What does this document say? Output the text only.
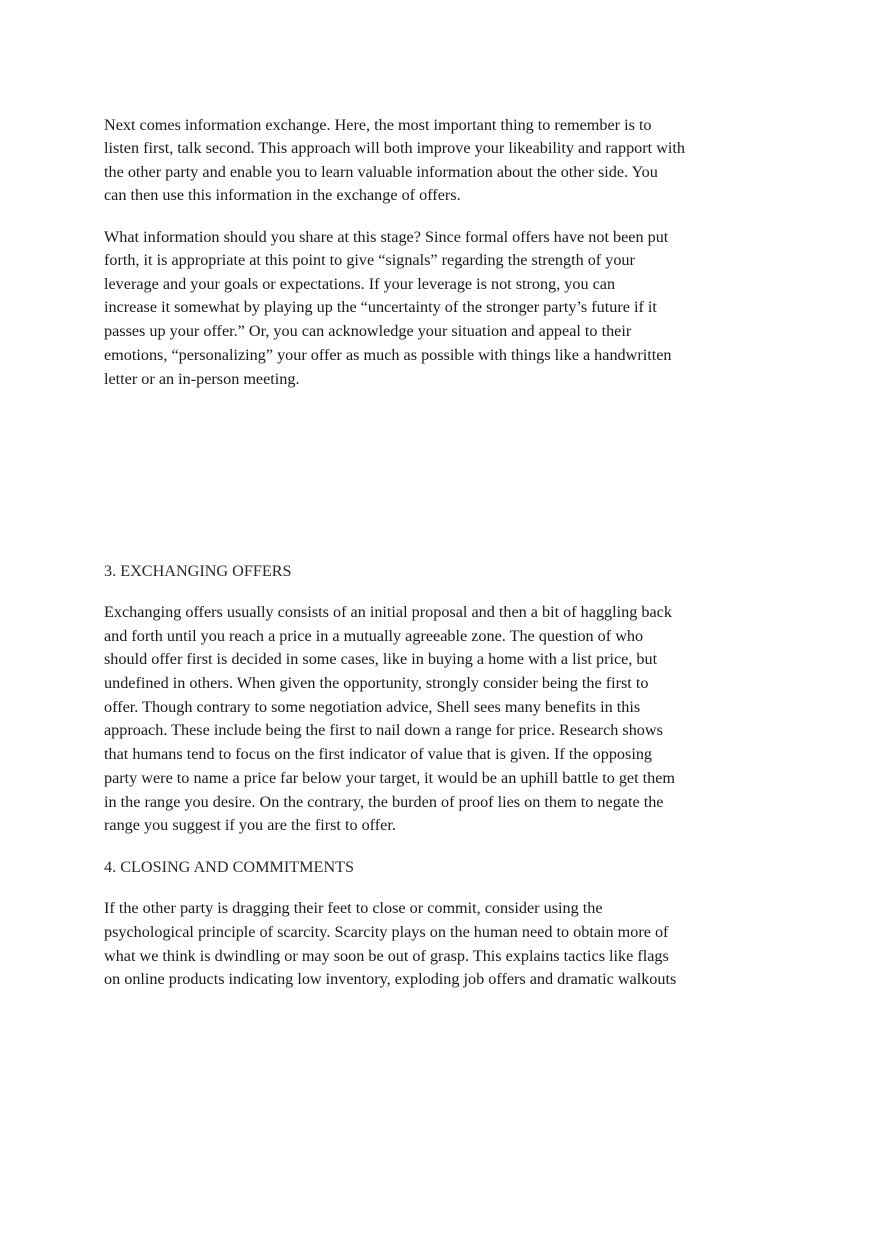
Next comes information exchange. Here, the most important thing to remember is to

listen first, talk second. This approach will both improve your likeability and rapport with

the other party and enable you to learn valuable information about the other side. You

can then use this information in the exchange of offers.

What information should you share at this stage? Since formal offers have not been put

forth, it is appropriate at this point to give “signals” regarding the strength of your

leverage and your goals or expectations. If your leverage is not strong, you can

increase it somewhat by playing up the “uncertainty of the stronger party’s future if it

passes up your offer.” Or, you can acknowledge your situation and appeal to their

emotions, “personalizing” your offer as much as possible with things like a handwritten

letter or an in-person meeting.

3. EXCHANGING OFFERS

Exchanging offers usually consists of an initial proposal and then a bit of haggling back

and forth until you reach a price in a mutually agreeable zone. The question of who

should offer first is decided in some cases, like in buying a home with a list price, but

undefined in others. When given the opportunity, strongly consider being the first to

offer. Though contrary to some negotiation advice, Shell sees many benefits in this

approach. These include being the first to nail down a range for price. Research shows

that humans tend to focus on the first indicator of value that is given. If the opposing

party were to name a price far below your target, it would be an uphill battle to get them

in the range you desire. On the contrary, the burden of proof lies on them to negate the

range you suggest if you are the first to offer.

4. CLOSING AND COMMITMENTS

If the other party is dragging their feet to close or commit, consider using the

psychological principle of scarcity. Scarcity plays on the human need to obtain more of

what we think is dwindling or may soon be out of grasp. This explains tactics like flags

on online products indicating low inventory, exploding job offers and dramatic walkouts
